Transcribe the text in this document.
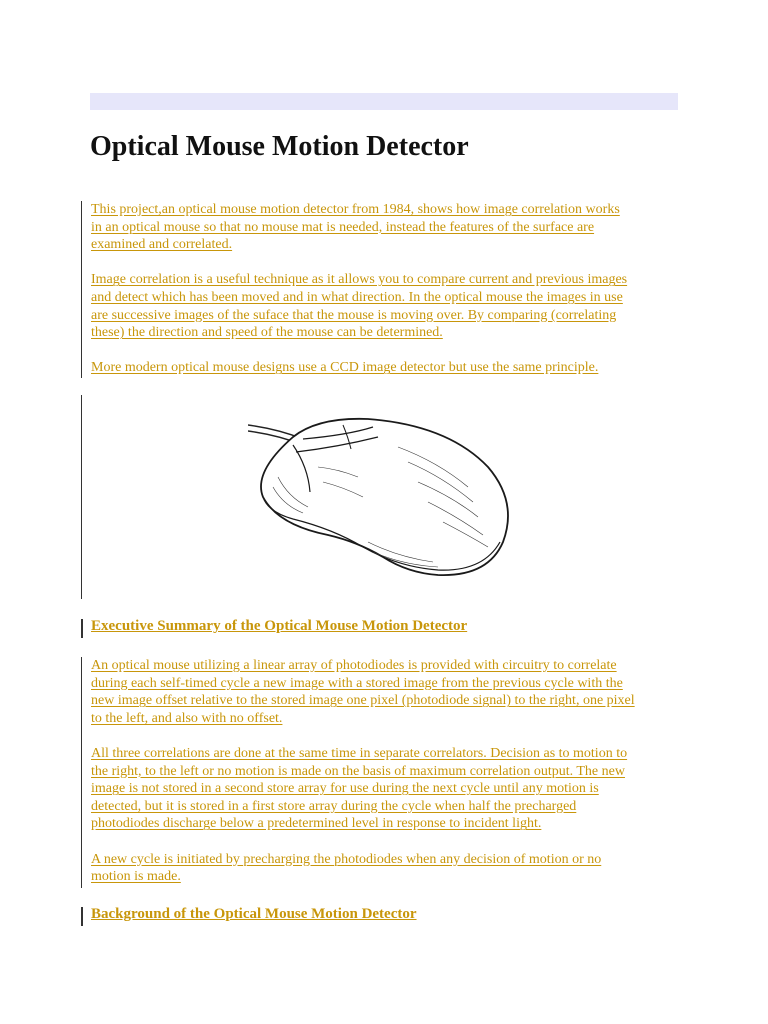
Optical Mouse Motion Detector

This project,an optical mouse motion detector from 1984, shows how image correlation works
in an optical mouse so that no mouse mat is needed, instead the features of the surface are
examined and correlated.

Image correlation is a useful technique as it allows you to compare current and previous images
and detect which has been moved and in what direction. In the optical mouse the images in use
are successive images of the suface that the mouse is moving over. By comparing (correlating
these) the direction and speed of the mouse can be determined.

More modern optical mouse designs use a CCD image detector but use the same principle.

Executive Summary of the Optical Mouse Motion Detector

An optical mouse utilizing a linear array of photodiodes is provided with circuitry to correlate
during each self-timed cycle a new image with a stored image from the previous cycle with the
new image offset relative to the stored image one pixel (photodiode signal) to the right, one pixel
to the left, and also with no offset.

All three correlations are done at the same time in separate correlators. Decision as to motion to
the right, to the left or no motion is made on the basis of maximum correlation output. The new
image is not stored in a second store array for use during the next cycle until any motion is
detected, but it is stored in a first store array during the cycle when half the precharged
photodiodes discharge below a predetermined level in response to incident light.

A new cycle is initiated by precharging the photodiodes when any decision of motion or no
motion is made.

Background of the Optical Mouse Motion Detector
